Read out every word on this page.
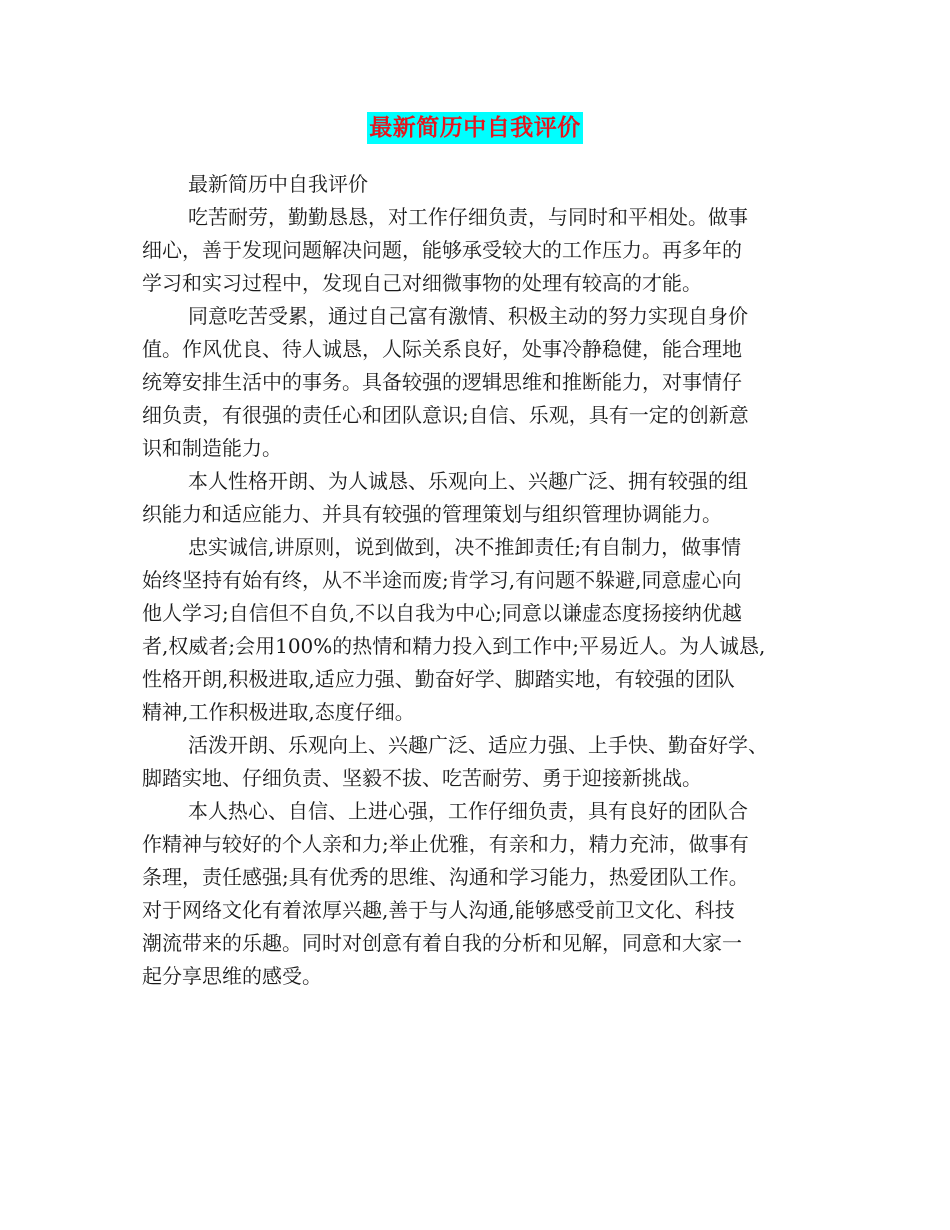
最新简历中自我评价
最新简历中自我评价
吃苦耐劳，勤勤恳恳，对工作仔细负责，与同时和平相处。做事
细心，善于发现问题解决问题，能够承受较大的工作压力。再多年的
学习和实习过程中，发现自己对细微事物的处理有较高的才能。
同意吃苦受累，通过自己富有激情、积极主动的努力实现自身价
值。作风优良、待人诚恳，人际关系良好，处事冷静稳健，能合理地
统筹安排生活中的事务。具备较强的逻辑思维和推断能力，对事情仔
细负责，有很强的责任心和团队意识;自信、乐观，具有一定的创新意
识和制造能力。
本人性格开朗、为人诚恳、乐观向上、兴趣广泛、拥有较强的组
织能力和适应能力、并具有较强的管理策划与组织管理协调能力。
忠实诚信,讲原则，说到做到，决不推卸责任;有自制力，做事情
始终坚持有始有终，从不半途而废;肯学习,有问题不躲避,同意虚心向
他人学习;自信但不自负,不以自我为中心;同意以谦虚态度扬接纳优越
者,权威者;会用100%的热情和精力投入到工作中;平易近人。为人诚恳,
性格开朗,积极进取,适应力强、勤奋好学、脚踏实地，有较强的团队
精神,工作积极进取,态度仔细。
活泼开朗、乐观向上、兴趣广泛、适应力强、上手快、勤奋好学、
脚踏实地、仔细负责、坚毅不拔、吃苦耐劳、勇于迎接新挑战。
本人热心、自信、上进心强，工作仔细负责，具有良好的团队合
作精神与较好的个人亲和力;举止优雅，有亲和力，精力充沛，做事有
条理，责任感强;具有优秀的思维、沟通和学习能力，热爱团队工作。
对于网络文化有着浓厚兴趣,善于与人沟通,能够感受前卫文化、科技
潮流带来的乐趣。同时对创意有着自我的分析和见解，同意和大家一
起分享思维的感受。
